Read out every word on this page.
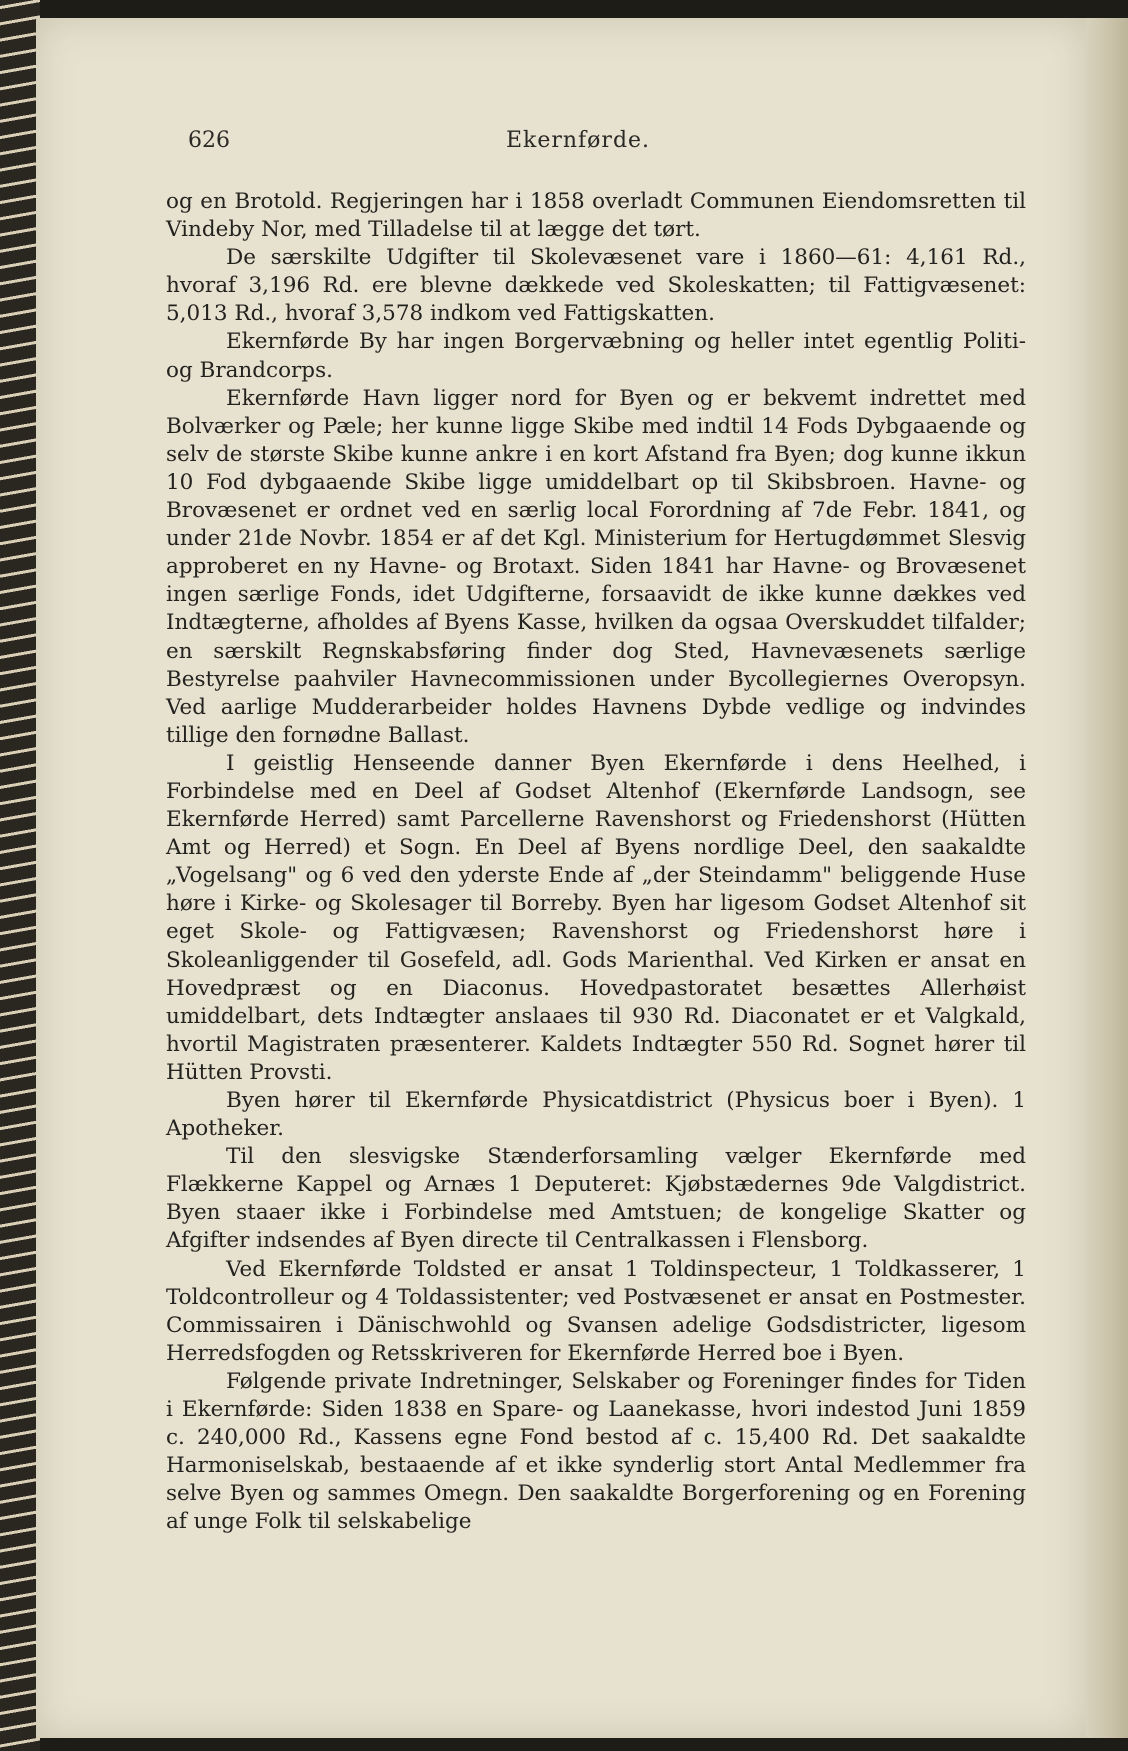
626	Ekernførde.

og en Brotold. Regjeringen har i 1858 overladt Communen Eiendomsretten til Vindeby Nor, med Tilladelse til at lægge det tørt.

De særskilte Udgifter til Skolevæsenet vare i 1860—61: 4,161 Rd., hvoraf 3,196 Rd. ere blevne dækkede ved Skoleskatten; til Fattigvæsenet: 5,013 Rd., hvoraf 3,578 indkom ved Fattigskatten.

Ekernførde By har ingen Borgervæbning og heller intet egentlig Politi- og Brandcorps.

Ekernførde Havn ligger nord for Byen og er bekvemt indrettet med Bolværker og Pæle; her kunne ligge Skibe med indtil 14 Fods Dybgaaende og selv de største Skibe kunne ankre i en kort Afstand fra Byen; dog kunne ikkun 10 Fod dybgaaende Skibe ligge umiddelbart op til Skibsbroen. Havne- og Brovæsenet er ordnet ved en særlig local Forordning af 7de Febr. 1841, og under 21de Novbr. 1854 er af det Kgl. Ministerium for Hertugdømmet Slesvig approberet en ny Havne- og Brotaxt. Siden 1841 har Havne- og Brovæsenet ingen særlige Fonds, idet Udgifterne, forsaavidt de ikke kunne dækkes ved Indtægterne, afholdes af Byens Kasse, hvilken da ogsaa Overskuddet tilfalder; en særskilt Regnskabsføring finder dog Sted, Havnevæsenets særlige Bestyrelse paahviler Havnecommissionen under Bycollegiernes Overopsyn. Ved aarlige Mudderarbeider holdes Havnens Dybde vedlige og indvindes tillige den fornødne Ballast.

I geistlig Henseende danner Byen Ekernførde i dens Heelhed, i Forbindelse med en Deel af Godset Altenhof (Ekernførde Landsogn, see Ekernførde Herred) samt Parcellerne Ravenshorst og Friedenshorst (Hütten Amt og Herred) et Sogn. En Deel af Byens nordlige Deel, den saakaldte „Vogelsang" og 6 ved den yderste Ende af „der Steindamm" beliggende Huse høre i Kirke- og Skolesager til Borreby. Byen har ligesom Godset Altenhof sit eget Skole- og Fattigvæsen; Ravenshorst og Friedenshorst høre i Skoleanliggender til Gosefeld, adl. Gods Marienthal. Ved Kirken er ansat en Hovedpræst og en Diaconus. Hovedpastoratet besættes Allerhøist umiddelbart, dets Indtægter anslaaes til 930 Rd. Diaconatet er et Valgkald, hvortil Magistraten præsenterer. Kaldets Indtægter 550 Rd. Sognet hører til Hütten Provsti.

Byen hører til Ekernførde Physicatdistrict (Physicus boer i Byen). 1 Apotheker.

Til den slesvigske Stænderforsamling vælger Ekernførde med Flækkerne Kappel og Arnæs 1 Deputeret: Kjøbstædernes 9de Valgdistrict. Byen staaer ikke i Forbindelse med Amtstuen; de kongelige Skatter og Afgifter indsendes af Byen directe til Centralkassen i Flensborg.

Ved Ekernførde Toldsted er ansat 1 Toldinspecteur, 1 Toldkasserer, 1 Toldcontrolleur og 4 Toldassistenter; ved Postvæsenet er ansat en Postmester. Commissairen i Dänischwohld og Svansen adelige Godsdistricter, ligesom Herredsfogden og Retsskriveren for Ekernførde Herred boe i Byen.

Følgende private Indretninger, Selskaber og Foreninger findes for Tiden i Ekernførde: Siden 1838 en Spare- og Laanekasse, hvori indestod Juni 1859 c. 240,000 Rd., Kassens egne Fond bestod af c. 15,400 Rd. Det saakaldte Harmoniselskab, bestaaende af et ikke synderlig stort Antal Medlemmer fra selve Byen og sammes Omegn. Den saakaldte Borgerforening og en Forening af unge Folk til selskabelige
